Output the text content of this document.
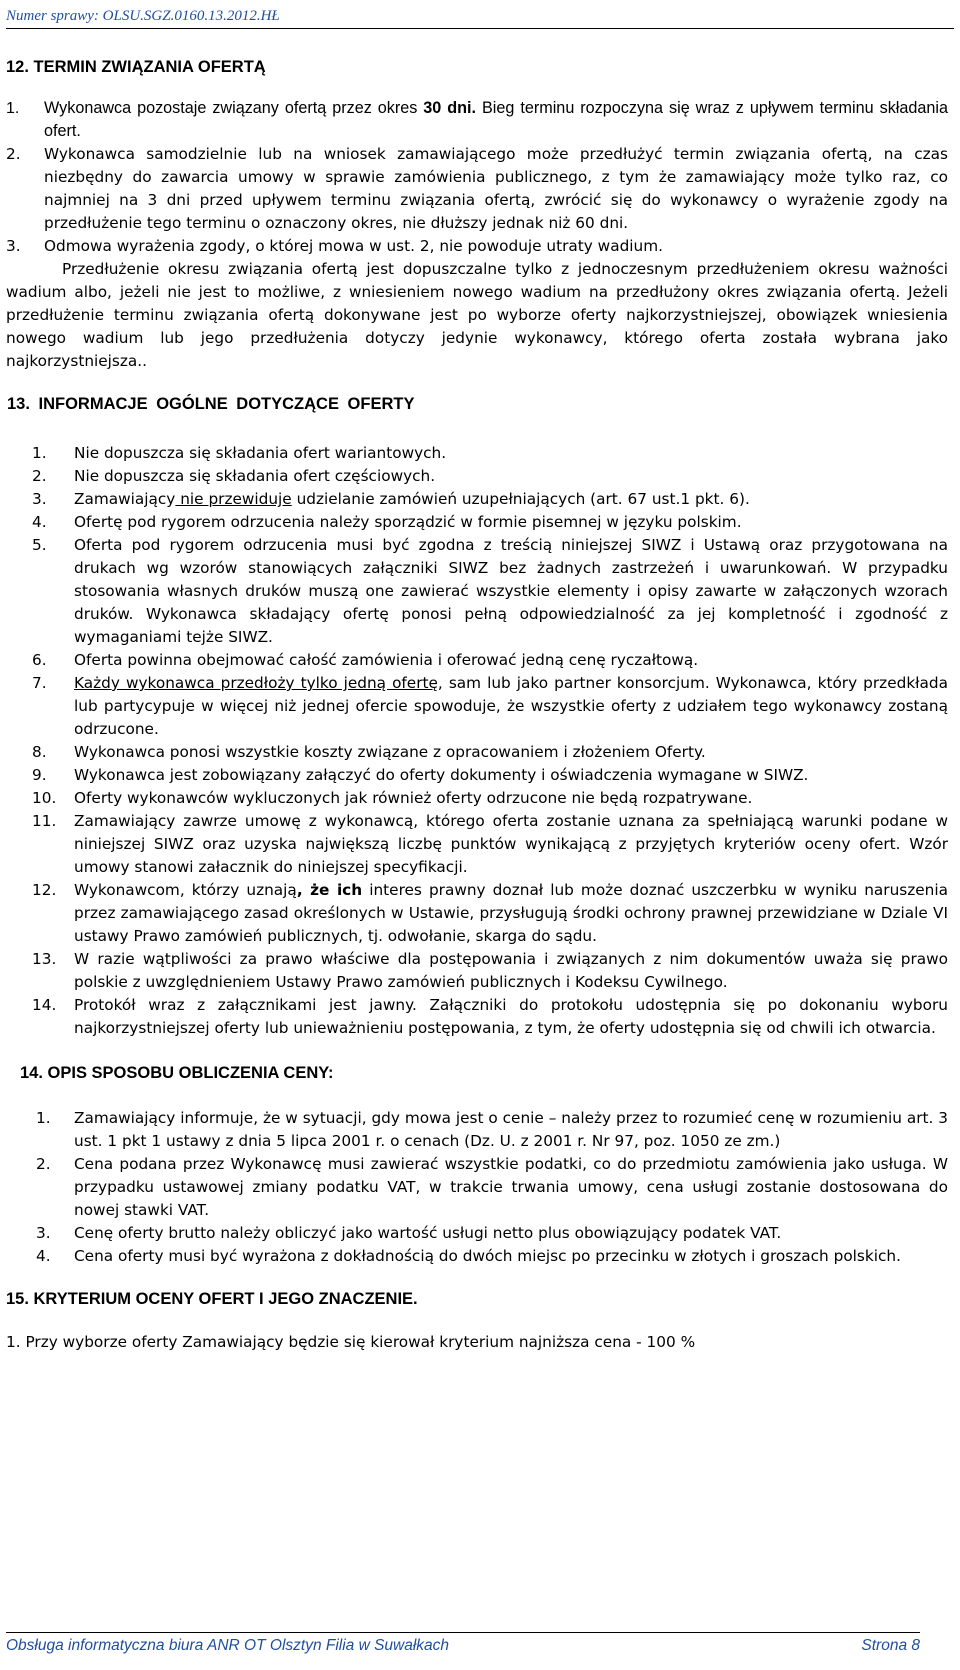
Numer sprawy: OLSU.SGZ.0160.13.2012.HŁ
12. TERMIN ZWIĄZANIA OFERTĄ
1.	Wykonawca pozostaje związany ofertą przez okres 30 dni. Bieg terminu rozpoczyna się wraz z upływem terminu składania ofert.
2.	Wykonawca samodzielnie lub na wniosek zamawiającego może przedłużyć termin związania ofertą, na czas niezbędny do zawarcia umowy w sprawie zamówienia publicznego, z tym że zamawiający może tylko raz, co najmniej na 3 dni przed upływem terminu związania ofertą, zwrócić się do wykonawcy o wyrażenie zgody na przedłużenie tego terminu o oznaczony okres, nie dłuższy jednak niż 60 dni.
3.	Odmowa wyrażenia zgody, o której mowa w ust. 2, nie powoduje utraty wadium.

Przedłużenie okresu związania ofertą jest dopuszczalne tylko z jednoczesnym przedłużeniem okresu ważności wadium albo, jeżeli nie jest to możliwe, z wniesieniem nowego wadium na przedłużony okres związania ofertą. Jeżeli przedłużenie terminu związania ofertą dokonywane jest po wyborze oferty najkorzystniejszej, obowiązek wniesienia nowego wadium lub jego przedłużenia dotyczy jedynie wykonawcy, którego oferta została wybrana jako najkorzystniejsza..

13. INFORMACJE OGÓLNE DOTYCZĄCE OFERTY
1.	Nie dopuszcza się składania ofert wariantowych.
2.	Nie dopuszcza się składania ofert częściowych.
3.	Zamawiający nie przewiduje udzielanie zamówień uzupełniających (art. 67 ust.1 pkt. 6).
4.	Ofertę pod rygorem odrzucenia należy sporządzić w formie pisemnej w języku polskim.
5.	Oferta pod rygorem odrzucenia musi być zgodna z treścią niniejszej SIWZ i Ustawą oraz przygotowana na drukach wg wzorów stanowiących załączniki SIWZ bez żadnych zastrzeżeń i uwarunkowań. W przypadku stosowania własnych druków muszą one zawierać wszystkie elementy i opisy zawarte w załączonych wzorach druków. Wykonawca składający ofertę ponosi pełną odpowiedzialność za jej kompletność i zgodność z wymaganiami tejże SIWZ.
6.	Oferta powinna obejmować całość zamówienia i oferować jedną cenę ryczałtową.
7.	Każdy wykonawca przedłoży tylko jedną ofertę, sam lub jako partner konsorcjum. Wykonawca, który przedkłada lub partycypuje w więcej niż jednej ofercie spowoduje, że wszystkie oferty z udziałem tego wykonawcy zostaną odrzucone.
8.	Wykonawca ponosi wszystkie koszty związane z opracowaniem i złożeniem Oferty.
9.	Wykonawca jest zobowiązany załączyć do oferty dokumenty i oświadczenia wymagane w SIWZ.
10.	Oferty wykonawców wykluczonych jak również oferty odrzucone nie będą rozpatrywane.
11.	Zamawiający zawrze umowę z wykonawcą, którego oferta zostanie uznana za spełniającą warunki podane w niniejszej SIWZ oraz uzyska największą liczbę punktów wynikającą z przyjętych kryteriów oceny ofert. Wzór umowy stanowi załacznik do niniejszej specyfikacji.
12.	Wykonawcom, którzy uznają, że ich interes prawny doznał lub może doznać uszczerbku w wyniku naruszenia przez zamawiającego zasad określonych w Ustawie, przysługują środki ochrony prawnej przewidziane w Dziale VI ustawy Prawo zamówień publicznych, tj. odwołanie, skarga do sądu.
13.	W razie wątpliwości za prawo właściwe dla postępowania i związanych z nim dokumentów uważa się prawo polskie z uwzględnieniem Ustawy Prawo zamówień publicznych i Kodeksu Cywilnego.
14.	Protokół wraz z załącznikami jest jawny. Załączniki do protokołu udostępnia się po dokonaniu wyboru najkorzystniejszej oferty lub unieważnieniu postępowania, z tym, że oferty udostępnia się od chwili ich otwarcia.
14. OPIS SPOSOBU OBLICZENIA CENY:
1.	Zamawiający informuje, że w sytuacji, gdy mowa jest o cenie – należy przez to rozumieć cenę w rozumieniu art. 3 ust. 1 pkt 1 ustawy z dnia 5 lipca 2001 r. o cenach (Dz. U. z 2001 r. Nr 97, poz. 1050 ze zm.)
2.	Cena podana przez Wykonawcę musi zawierać wszystkie podatki, co do przedmiotu zamówienia jako usługa. W przypadku ustawowej zmiany podatku VAT, w trakcie trwania umowy, cena usługi zostanie dostosowana do nowej stawki VAT.
3.	Cenę oferty brutto należy obliczyć jako wartość usługi netto plus obowiązujący podatek VAT.
4.	Cena oferty musi być wyrażona z dokładnością do dwóch miejsc po przecinku w złotych i groszach polskich.
15. KRYTERIUM OCENY OFERT I JEGO ZNACZENIE.
1. Przy wyborze oferty Zamawiający będzie się kierował kryterium najniższa cena - 100 %
Obsługa informatyczna biura ANR OT Olsztyn Filia w Suwałkach	Strona 8
